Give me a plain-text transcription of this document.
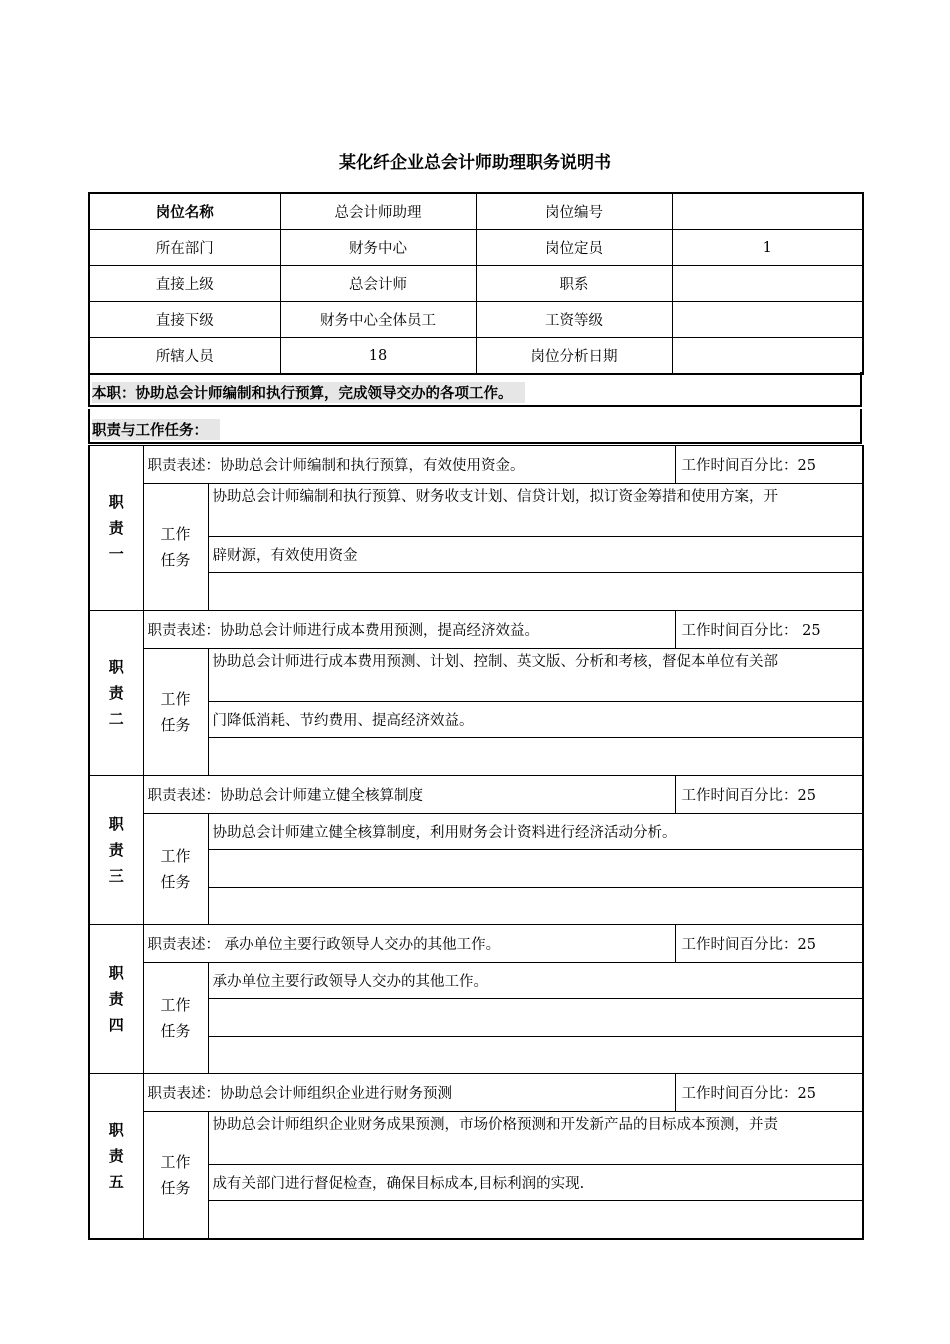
某化纤企业总会计师助理职务说明书
岗位名称	总会计师助理	岗位编号	
所在部门	财务中心	岗位定员	1
直接上级	总会计师	职系	
直接下级	财务中心全体员工	工资等级	
所辖人员	18	岗位分析日期	
本职：协助总会计师编制和执行预算，完成领导交办的各项工作。
职责与工作任务：
职
责
一	职责表述：协助总会计师编制和执行预算，有效使用资金。		工作时间百分比：25
	工作
任务	协助总会计师编制和执行预算、财务收支计划、信贷计划，拟订资金筹措和使用方案，开	
		辟财源，有效使用资金	

职
责
二	职责表述：协助总会计师进行成本费用预测，提高经济效益。		工作时间百分比： 25
	工作
任务	协助总会计师进行成本费用预测、计划、控制、英文版、分析和考核，督促本单位有关部	
		门降低消耗、节约费用、提高经济效益。	

职
责
三	职责表述：协助总会计师建立健全核算制度		工作时间百分比：25
	工作
任务	协助总会计师建立健全核算制度，利用财务会计资料进行经济活动分析。	

职
责
四	职责表述： 承办单位主要行政领导人交办的其他工作。		工作时间百分比：25
	工作
任务	承办单位主要行政领导人交办的其他工作。	

职
责
五	职责表述：协助总会计师组织企业进行财务预测		工作时间百分比：25
	工作
任务	协助总会计师组织企业财务成果预测，市场价格预测和开发新产品的目标成本预测，并责	
		成有关部门进行督促检查，确保目标成本,目标利润的实现.	
